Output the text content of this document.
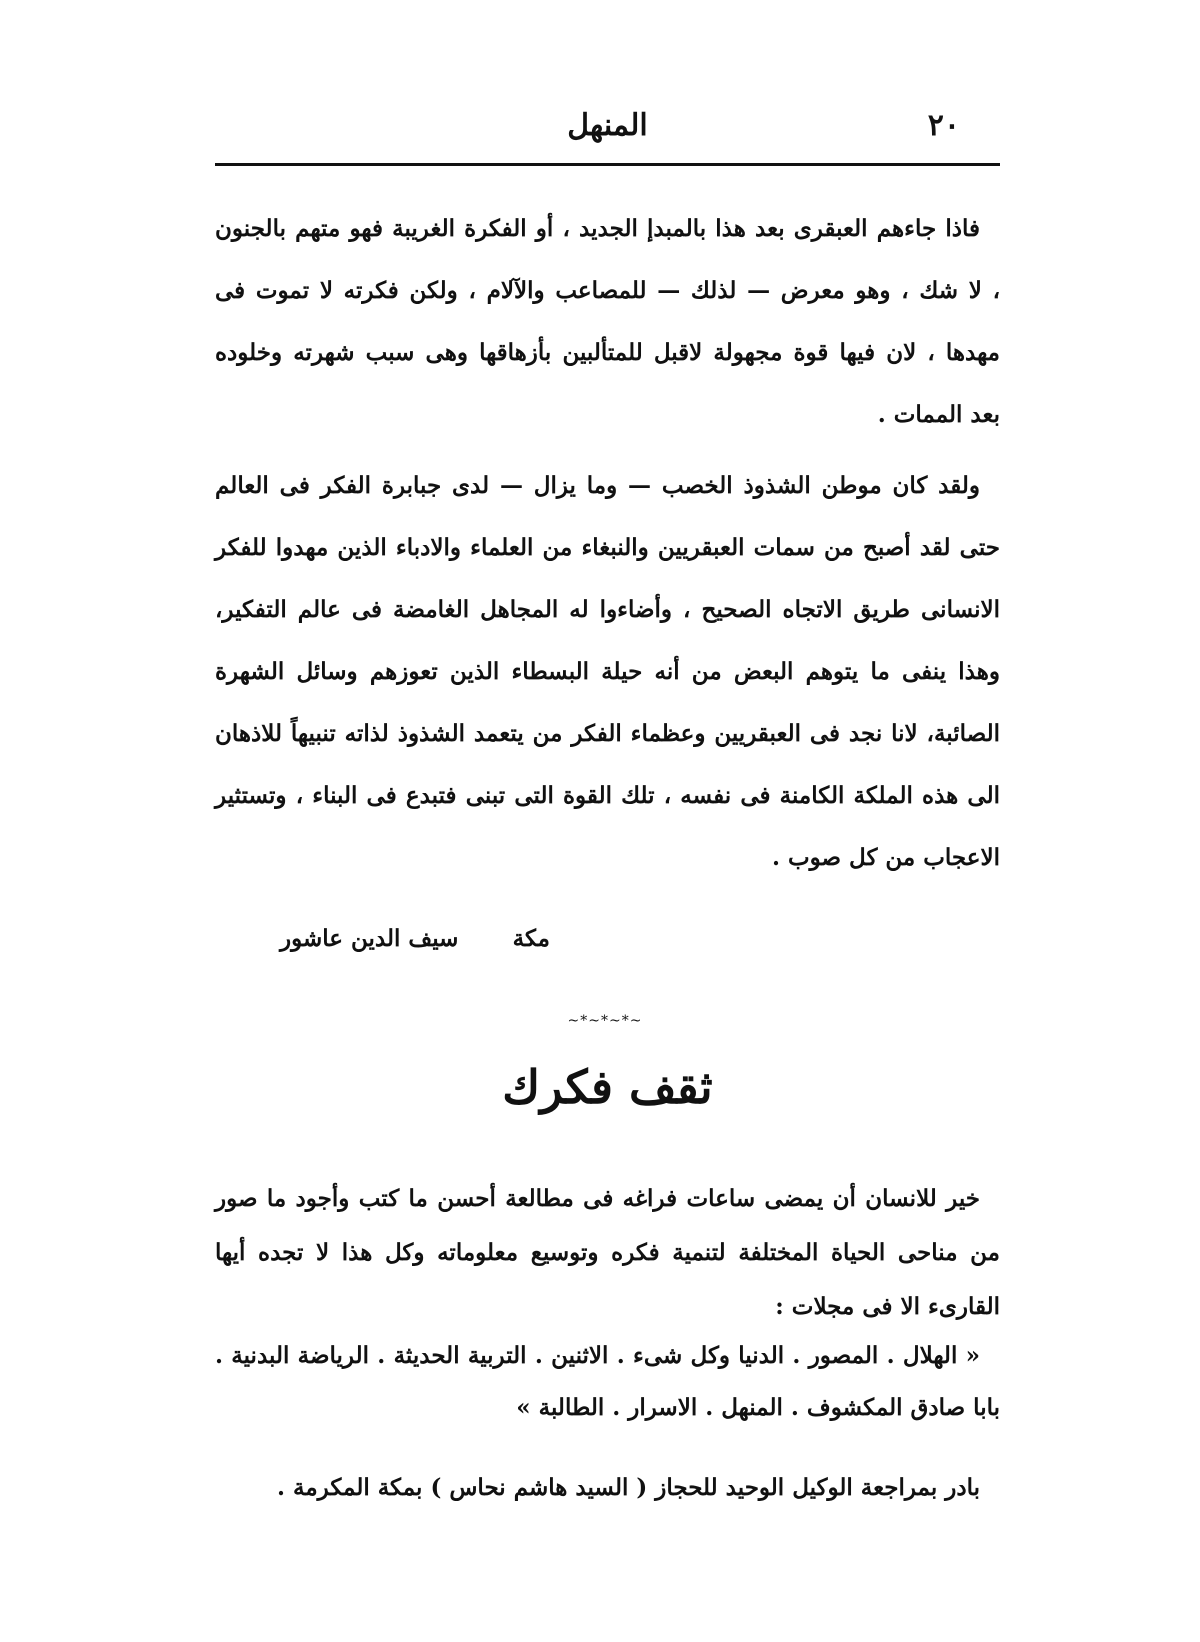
٢٠
المنهل

فاذا جاءهم العبقرى بعد هذا بالمبدإ الجديد ، أو الفكرة الغريبة فهو متهم بالجنون ، لا شك ، وهو معرض — لذلك — للمصاعب والآلام ، ولكن فكرته لا تموت فى مهدها ، لان فيها قوة مجهولة لاقبل للمتألبين بأزهاقها وهى سبب شهرته وخلوده بعد الممات .

ولقد كان موطن الشذوذ الخصب — وما يزال — لدى جبابرة الفكر فى العالم حتى لقد أصبح من سمات العبقريين والنبغاء من العلماء والادباء الذين مهدوا للفكر الانسانى طريق الاتجاه الصحيح ، وأضاءوا له المجاهل الغامضة فى عالم التفكير، وهذا ينفى ما يتوهم البعض من أنه حيلة البسطاء الذين تعوزهم وسائل الشهرة الصائبة، لانا نجد فى العبقريين وعظماء الفكر من يتعمد الشذوذ لذاته تنبيهاً للاذهان الى هذه الملكة الكامنة فى نفسه ، تلك القوة التى تبنى فتبدع فى البناء ، وتستثير الاعجاب من كل صوب .

مكة
سيف الدين عاشور
~*~*~*~
ثقف فكرك

خير للانسان أن يمضى ساعات فراغه فى مطالعة أحسن ما كتب وأجود ما صور من مناحى الحياة المختلفة لتنمية فكره وتوسيع معلوماته وكل هذا لا تجده أيها القارىء الا فى مجلات :

« الهلال . المصور . الدنيا وكل شىء . الاثنين . التربية الحديثة . الرياضة البدنية . بابا صادق المكشوف . المنهل . الاسرار . الطالبة »

بادر بمراجعة الوكيل الوحيد للحجاز ( السيد هاشم نحاس ) بمكة المكرمة .
